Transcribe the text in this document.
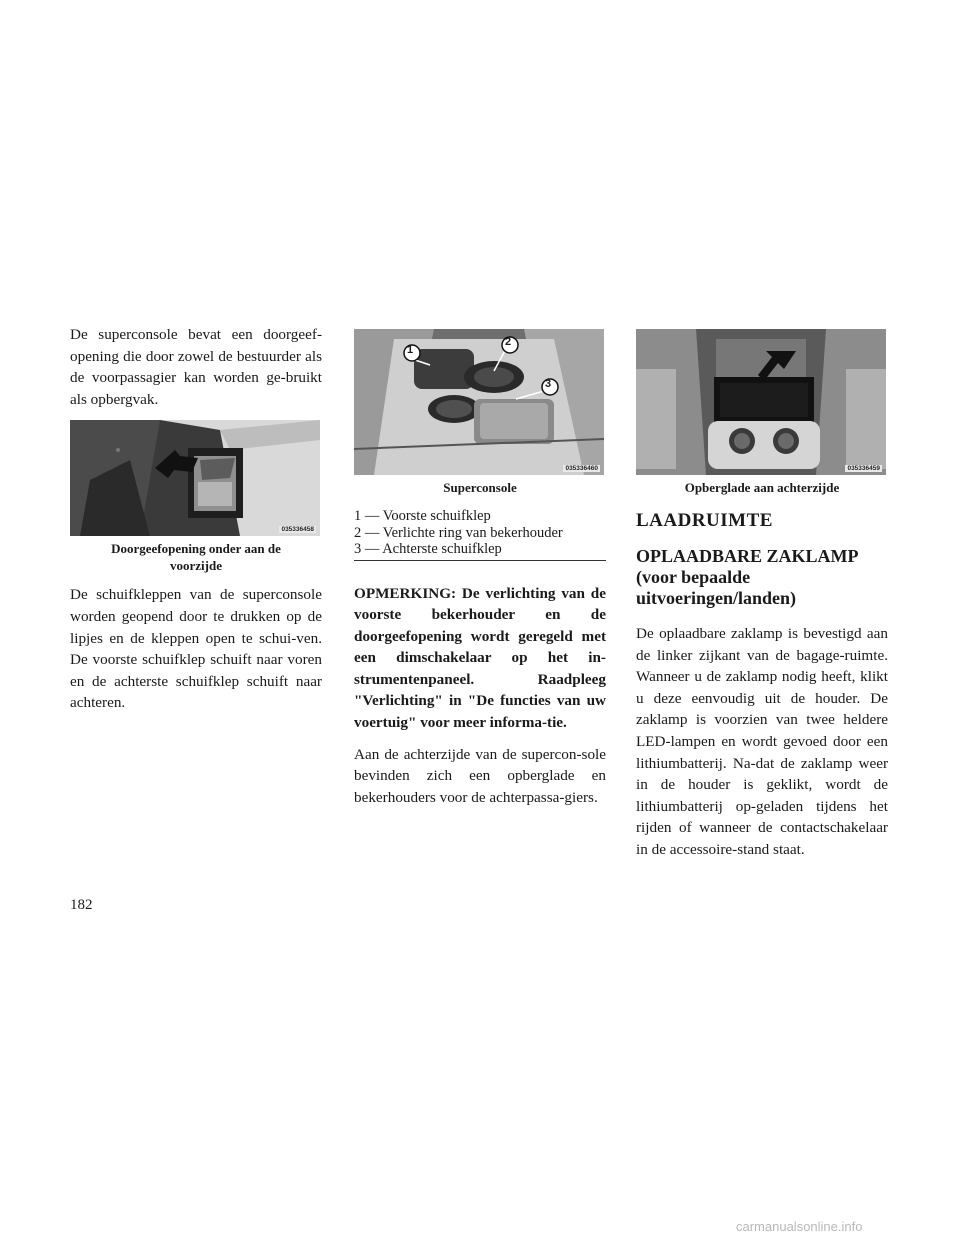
De superconsole bevat een doorgeef-opening die door zowel de bestuurder als de voorpassagier kan worden ge-bruikt als opbergvak.

035336458
Doorgeefopening onder aan de
voorzijde

De schuifkleppen van de superconsole worden geopend door te drukken op de lipjes en de kleppen open te schui-ven. De voorste schuifklep schuift naar voren en de achterste schuifklep schuift naar achteren.

1
2
3
035336460
Superconsole
1 — Voorste schuifklep
2 — Verlichte ring van bekerhouder
3 — Achterste schuifklep

OPMERKING: De verlichting van de voorste bekerhouder en de doorgeefopening wordt geregeld met een dimschakelaar op het in-strumentenpaneel. Raadpleeg "Verlichting" in "De functies van uw voertuig" voor meer informa-tie.

Aan de achterzijde van de supercon-sole bevinden zich een opberglade en bekerhouders voor de achterpassa-giers.

035336459
Opberglade aan achterzijde
LAADRUIMTE
OPLAADBARE ZAKLAMP
(voor bepaalde
uitvoeringen/landen)

De oplaadbare zaklamp is bevestigd aan de linker zijkant van de bagage-ruimte. Wanneer u de zaklamp nodig heeft, klikt u deze eenvoudig uit de houder. De zaklamp is voorzien van twee heldere LED-lampen en wordt gevoed door een lithiumbatterij. Na-dat de zaklamp weer in de houder is geklikt, wordt de lithiumbatterij op-geladen tijdens het rijden of wanneer de contactschakelaar in de accessoire-stand staat.

182
carmanualsonline.info
